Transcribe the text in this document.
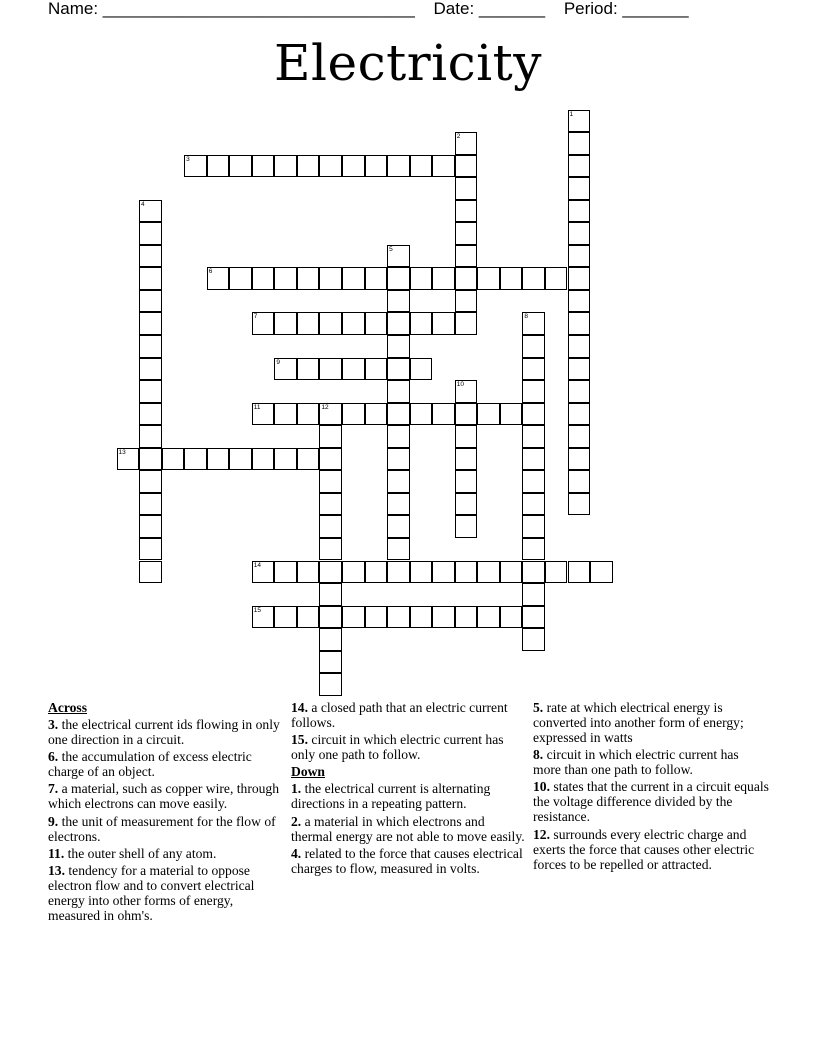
Name: _________________________________ Date: _______ Period: _______
Electricity
1
2
3
4
5
6
7	8
9
10
11	12
13
14
15

Across

3. the electrical current ids flowing in only one direction in a circuit.

6. the accumulation of excess electric charge of an object.

7. a material, such as copper wire, through which electrons can move easily.

9. the unit of measurement for the flow of electrons.

11. the outer shell of any atom.

13. tendency for a material to oppose electron flow and to convert electrical energy into other forms of energy, measured in ohm's.

14. a closed path that an electric current follows.

15. circuit in which electric current has only one path to follow.

Down

1. the electrical current is alternating directions in a repeating pattern.

2. a material in which electrons and thermal energy are not able to move easily.

4. related to the force that causes electrical charges to flow, measured in volts.

5. rate at which electrical energy is converted into another form of energy; expressed in watts

8. circuit in which electric current has more than one path to follow.

10. states that the current in a circuit equals the voltage difference divided by the resistance.

12. surrounds every electric charge and exerts the force that causes other electric forces to be repelled or attracted.
